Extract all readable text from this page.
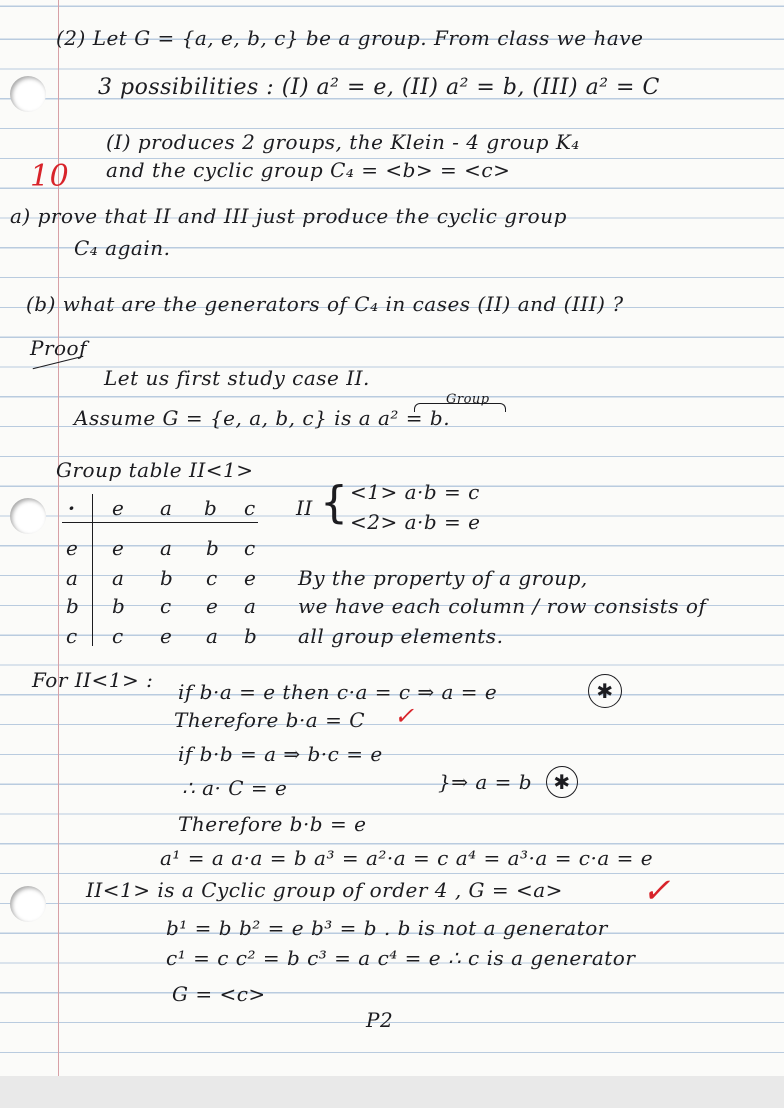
(2) Let G = {a, e, b, c} be a group. From class we have
3 possibilities : (I) a² = e, (II) a² = b, (III) a² = C
(I) produces 2 groups, the Klein - 4 group K₄
10 and the cyclic group C₄ = <b> = <c>
a) prove that II and III just produce the cyclic group
C₄ again.
(b) what are the generators of C₄ in cases (II) and (III) ?
Proof
Let us first study case II.
Group
Assume G = {e, a, b, c} is a a² = b.
Group table II<1>
· e a b c
e e a b c
a a b c e
b b c e a
c c e a b
II { <1> a·b = c
<2> a·b = e
By the property of a group,
we have each column / row consists of
all group elements.
For II<1> : if b·a = e then c·a = c ⇒ a = e	✱
Therefore b·a = C ✓
if b·b = a ⇒ b·c = e
∴ a· C = e	}⇒ a = b	✱
Therefore b·b = e
a¹ = a a·a = b a³ = a²·a = c a⁴ = a³·a = c·a = e
II<1> is a Cyclic group of order 4 , G = <a> ✓
b¹ = b b² = e b³ = b . b is not a generator
c¹ = c c² = b c³ = a c⁴ = e ∴ c is a generator
G = <c>
P2
